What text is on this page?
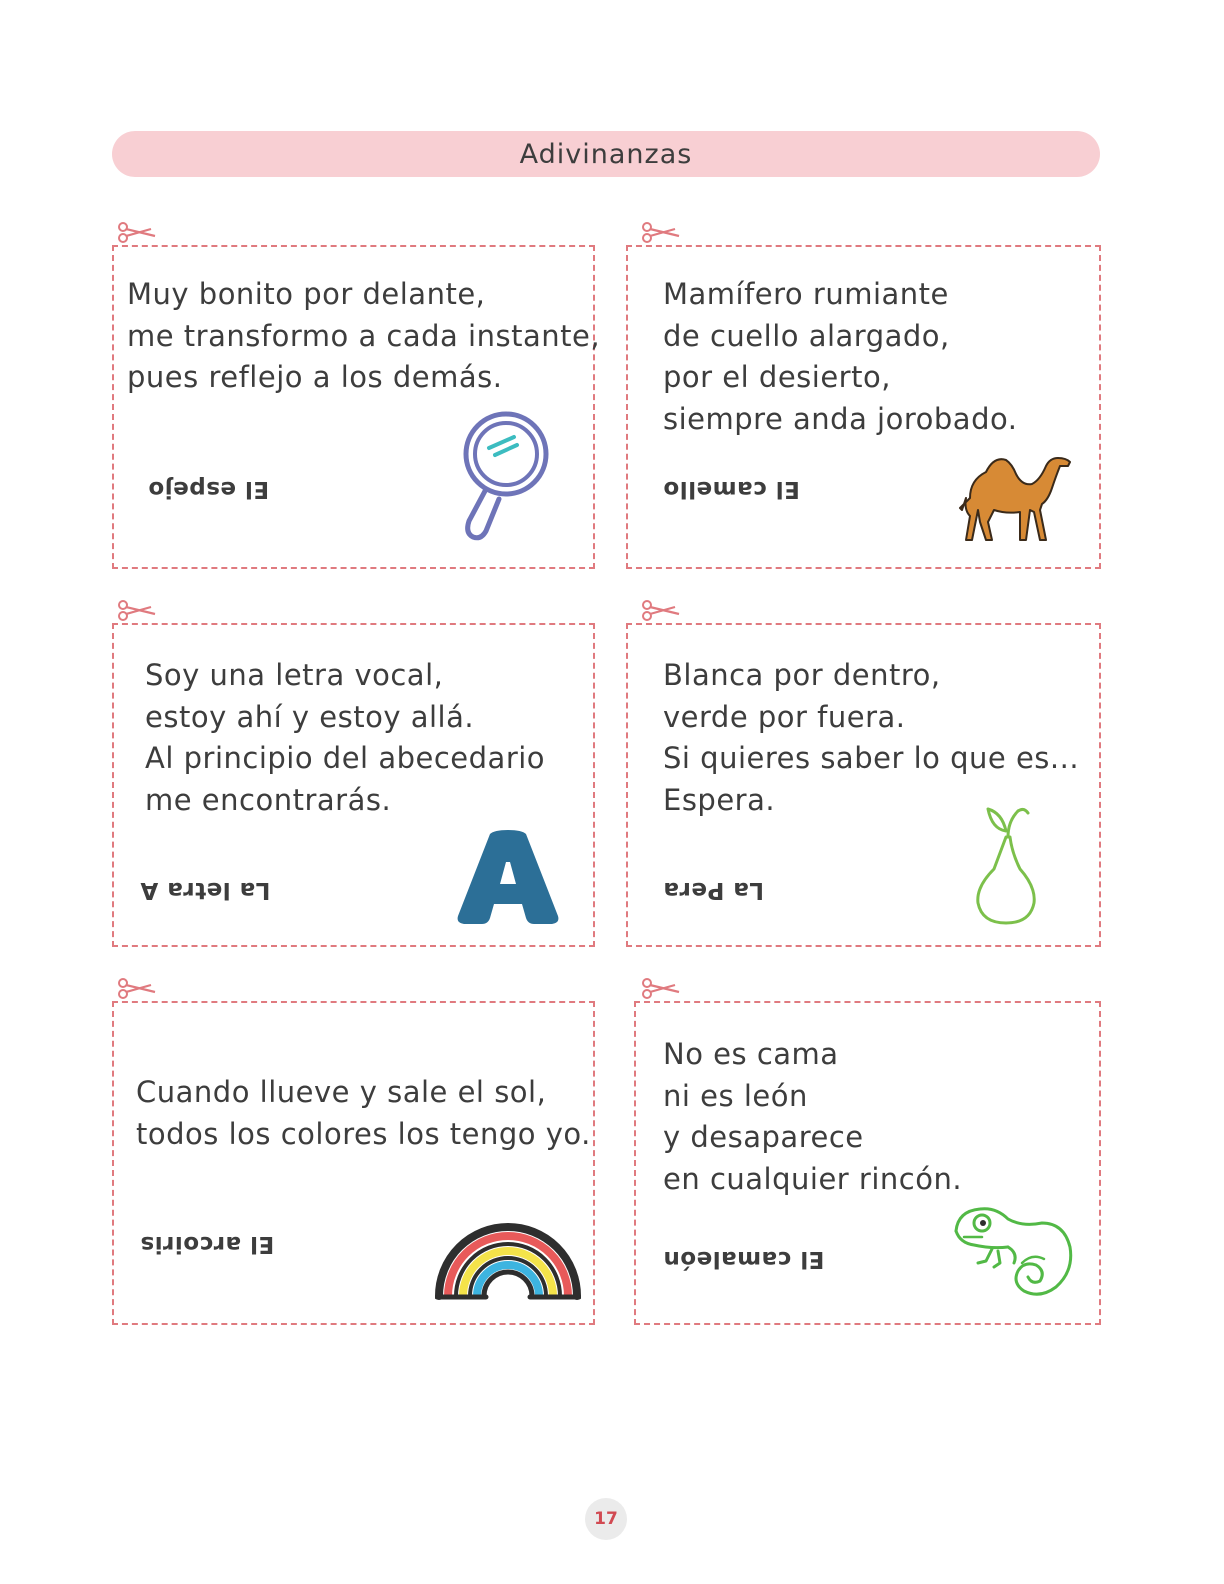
Adivinanzas
Muy bonito por delante,
me transformo a cada instante,
pues reflejo a los demás.
El espejo
Mamífero rumiante
de cuello alargado,
por el desierto,
siempre anda jorobado.
El camello
Soy una letra vocal,
estoy ahí y estoy allá.
Al principio del abecedario
me encontrarás.
La letra A
Blanca por dentro,
verde por fuera.
Si quieres saber lo que es...
Espera.
La Pera
Cuando llueve y sale el sol,
todos los colores los tengo yo.
El arcoiris
No es cama
ni es león
y desaparece
en cualquier rincón.
El camaleón
17
